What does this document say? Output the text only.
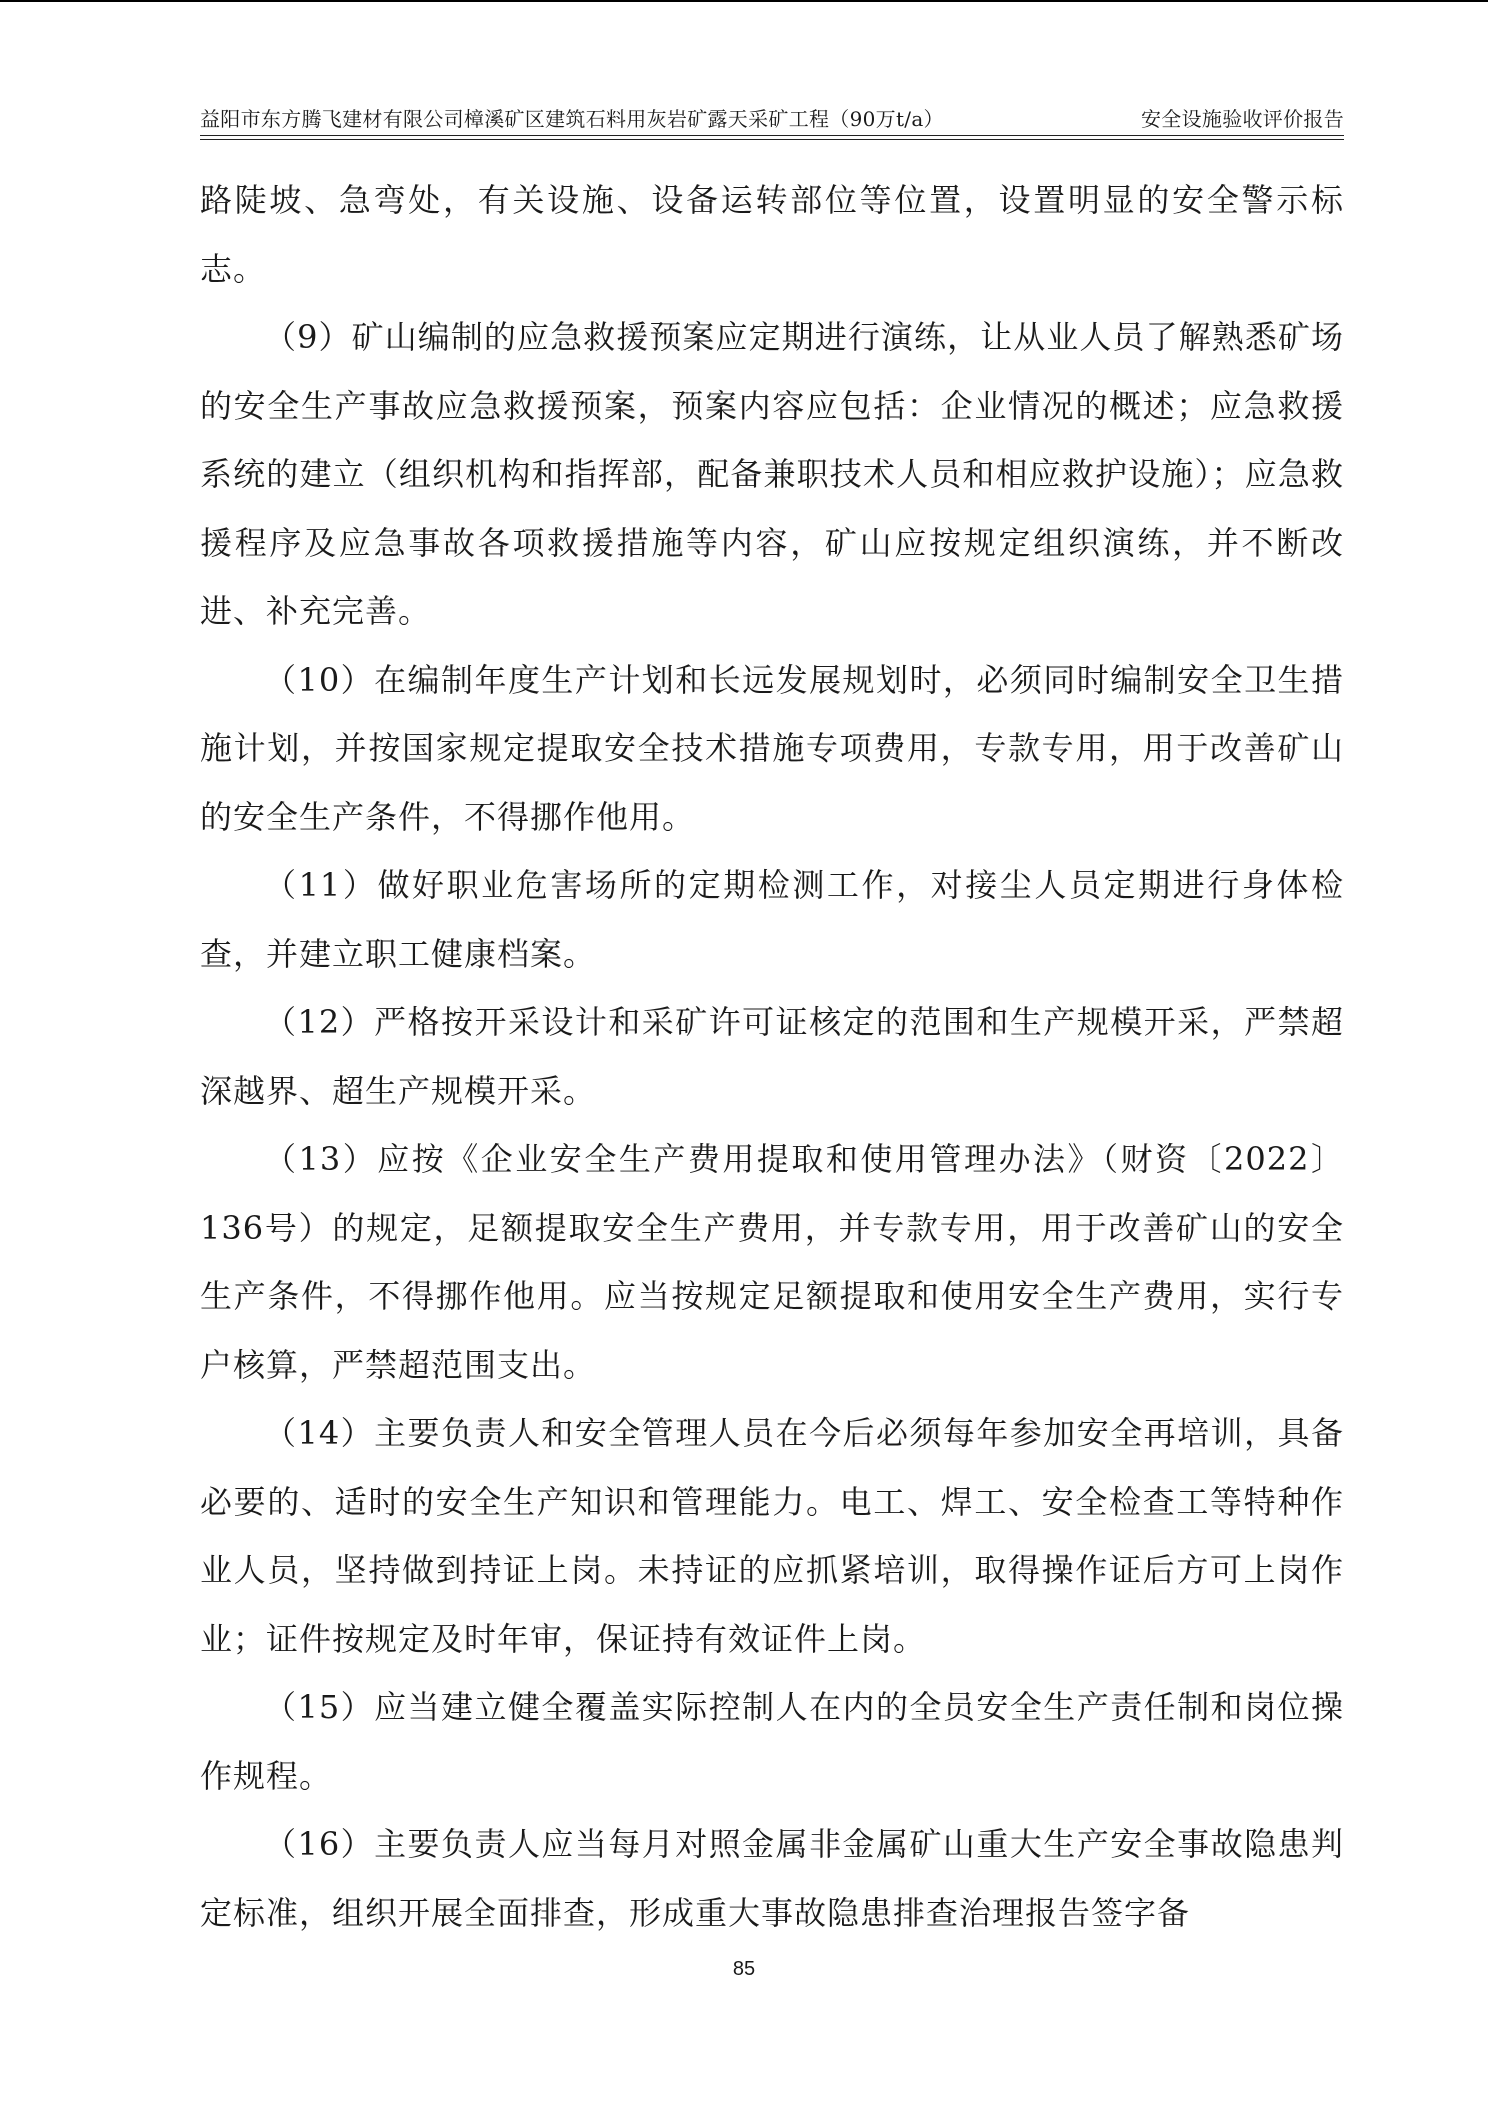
益阳市东方腾飞建材有限公司樟溪矿区建筑石料用灰岩矿露天采矿工程（90万t/a）	安全设施验收评价报告

路陡坡、急弯处，有关设施、设备运转部位等位置，设置明显的安全警示标志。

（9）矿山编制的应急救援预案应定期进行演练，让从业人员了解熟悉矿场的安全生产事故应急救援预案，预案内容应包括：企业情况的概述；应急救援系统的建立（组织机构和指挥部，配备兼职技术人员和相应救护设施）；应急救援程序及应急事故各项救援措施等内容，矿山应按规定组织演练，并不断改进、补充完善。

（10）在编制年度生产计划和长远发展规划时，必须同时编制安全卫生措施计划，并按国家规定提取安全技术措施专项费用，专款专用，用于改善矿山的安全生产条件，不得挪作他用。

（11）做好职业危害场所的定期检测工作，对接尘人员定期进行身体检查，并建立职工健康档案。

（12）严格按开采设计和采矿许可证核定的范围和生产规模开采，严禁超深越界、超生产规模开采。

（13）应按《企业安全生产费用提取和使用管理办法》（财资〔2022〕136号）的规定，足额提取安全生产费用，并专款专用，用于改善矿山的安全生产条件，不得挪作他用。应当按规定足额提取和使用安全生产费用，实行专户核算，严禁超范围支出。

（14）主要负责人和安全管理人员在今后必须每年参加安全再培训，具备必要的、适时的安全生产知识和管理能力。电工、焊工、安全检查工等特种作业人员，坚持做到持证上岗。未持证的应抓紧培训，取得操作证后方可上岗作业；证件按规定及时年审，保证持有效证件上岗。

（15）应当建立健全覆盖实际控制人在内的全员安全生产责任制和岗位操作规程。

（16）主要负责人应当每月对照金属非金属矿山重大生产安全事故隐患判定标准，组织开展全面排查，形成重大事故隐患排查治理报告签字备

85
